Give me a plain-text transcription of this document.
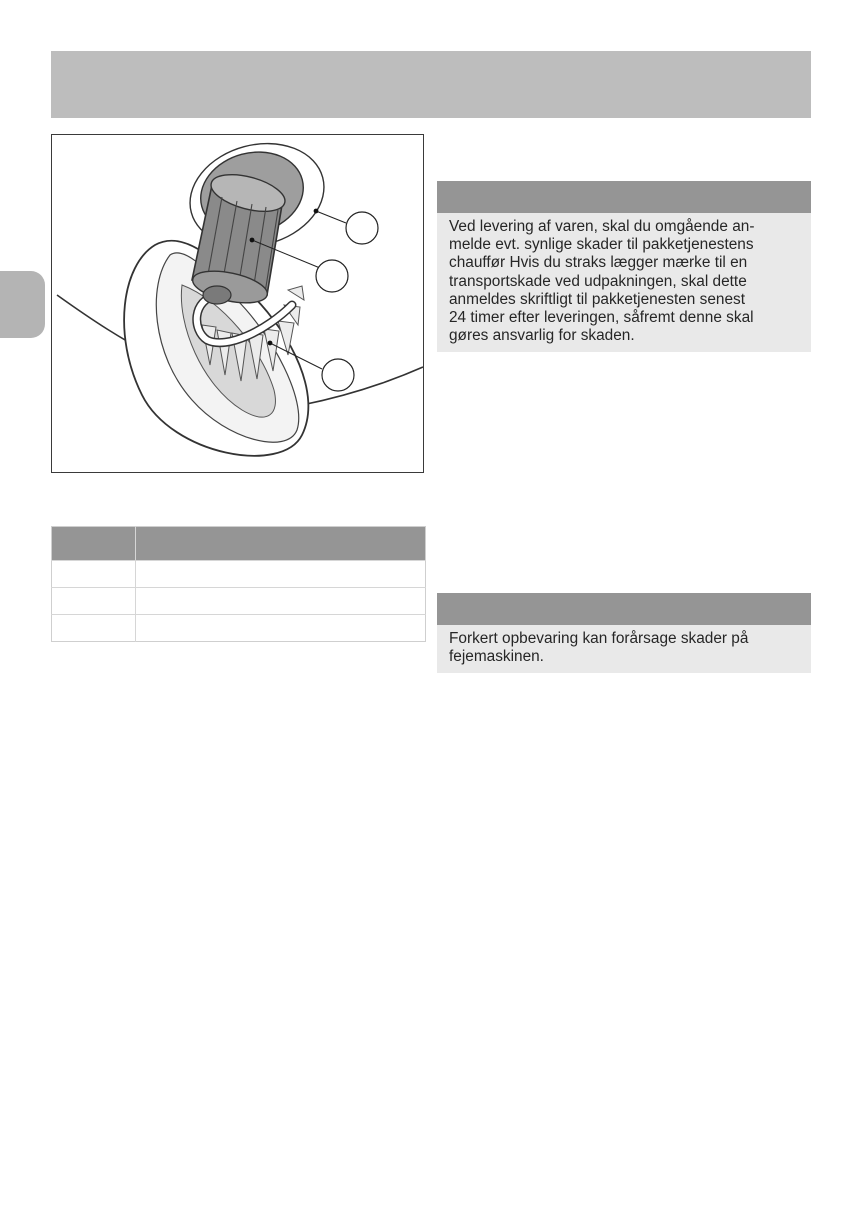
Ved levering af varen, skal du omgående an-
melde evt. synlige skader til pakketjenestens
chauffør Hvis du straks lægger mærke til en
transportskade ved udpakningen, skal dette
anmeldes skriftligt til pakketjenesten senest
24 timer efter leveringen, såfremt denne skal
gøres ansvarlig for skaden.
Forkert opbevaring kan forårsage skader på
fejemaskinen.
